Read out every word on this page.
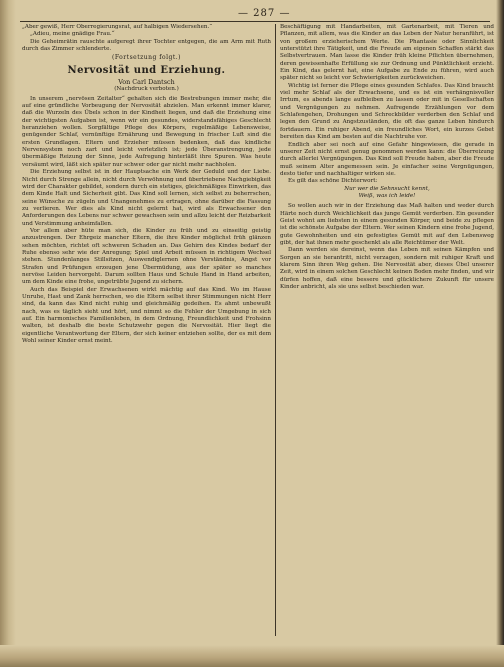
— 287 —

„Aber gewiß, Herr Oberregierungsrat, auf halbigen Wiedersehen.“

„Adieu, meine gnädige Frau.“

Die Geheimrätin rauschte aufgeregt ihrer Tochter entgegen, die am Arm mit Ruth durch das Zimmer schlenderte.

(Fortsetzung folgt.)
Nervosität und Erziehung.
Von Carl Dantsch
(Nachdruck verboten.)

In unserem „nervösen Zeitalter“ gehalten sich die Bestrebungen immer mehr, die auf eine gründliche Vorbeugung der Nervosität abzielen. Man erkennt immer klarer, daß die Wurzeln des Übels schon in der Kindheit liegen, und daß die Erziehung eine der wichtigsten Aufgaben ist, wenn wir ein gesundes, widerstandsfähiges Geschlecht heranziehen wollen. Sorgfältige Pflege des Körpers, regelmäßige Lebensweise, genügender Schlaf, vernünftige Ernährung und Bewegung in frischer Luft sind die ersten Grundlagen. Eltern und Erzieher müssen bedenken, daß das kindliche Nervensystem noch zart und leicht verletzlich ist; jede Überanstrengung, jede übermäßige Reizung der Sinne, jede Aufregung hinterläßt ihre Spuren. Was heute versäumt wird, läßt sich später nur schwer oder gar nicht mehr nachholen.

Die Erziehung selbst ist in der Hauptsache ein Werk der Geduld und der Liebe. Nicht durch Strenge allein, nicht durch Verwöhnung und übertriebene Nachgiebigkeit wird der Charakter gebildet, sondern durch ein stetiges, gleichmäßiges Einwirken, das dem Kinde Halt und Sicherheit gibt. Das Kind soll lernen, sich selbst zu beherrschen, seine Wünsche zu zügeln und Unangenehmes zu ertragen, ohne darüber die Fassung zu verlieren. Wer dies als Kind nicht gelernt hat, wird als Erwachsener den Anforderungen des Lebens nur schwer gewachsen sein und allzu leicht der Reizbarkeit und Verstimmung anheimfallen.

Vor allem aber hüte man sich, die Kinder zu früh und zu einseitig geistig anzustrengen. Der Ehrgeiz mancher Eltern, die ihre Kinder möglichst früh glänzen sehen möchten, richtet oft schweren Schaden an. Das Gehirn des Kindes bedarf der Ruhe ebenso sehr wie der Anregung; Spiel und Arbeit müssen in richtigem Wechsel stehen. Stundenlanges Stillsitzen, Auswendiglernen ohne Verständnis, Angst vor Strafen und Prüfungen erzeugen jene Übermüdung, aus der später so manches nervöse Leiden hervorgeht. Darum sollten Haus und Schule Hand in Hand arbeiten, um dem Kinde eine frohe, ungetrübte Jugend zu sichern.

Auch das Beispiel der Erwachsenen wirkt mächtig auf das Kind. Wo im Hause Unruhe, Hast und Zank herrschen, wo die Eltern selbst ihrer Stimmungen nicht Herr sind, da kann das Kind nicht ruhig und gleichmäßig gedeihen. Es ahmt unbewußt nach, was es täglich sieht und hört, und nimmt so die Fehler der Umgebung in sich auf. Ein harmonisches Familienleben, in dem Ordnung, Freundlichkeit und Frohsinn walten, ist deshalb die beste Schutzwehr gegen die Nervosität. Hier liegt die eigentliche Verantwortung der Eltern, der sich keiner entziehen sollte, der es mit dem Wohl seiner Kinder ernst meint.

Beschäftigung mit Handarbeiten, mit Gartenarbeit, mit Tieren und Pflanzen, mit allem, was die Kinder an das Leben der Natur heranführt, ist von großem erzieherischem Werte. Die Phantasie oder Sinnlichkeit unterstützt ihre Tätigkeit, und die Freude am eigenen Schaffen stärkt das Selbstvertrauen. Man lasse die Kinder früh kleine Pflichten übernehmen, deren gewissenhafte Erfüllung sie zur Ordnung und Pünktlichkeit erzieht. Ein Kind, das gelernt hat, eine Aufgabe zu Ende zu führen, wird auch später nicht so leicht vor Schwierigkeiten zurückweichen.

Wichtig ist ferner die Pflege eines gesunden Schlafes. Das Kind braucht viel mehr Schlaf als der Erwachsene, und es ist ein verhängnisvoller Irrtum, es abends lange aufbleiben zu lassen oder mit in Gesellschaften und Vergnügungen zu nehmen. Aufregende Erzählungen vor dem Schlafengehen, Drohungen und Schreckbilder verderben den Schlaf und legen den Grund zu Angstzuständen, die oft das ganze Leben hindurch fortdauern. Ein ruhiger Abend, ein freundliches Wort, ein kurzes Gebet bereiten das Kind am besten auf die Nachtruhe vor.

Endlich aber sei noch auf eine Gefahr hingewiesen, die gerade in unserer Zeit nicht ernst genug genommen werden kann: die Überreizung durch allerlei Vergnügungen. Das Kind soll Freude haben, aber die Freude muß seinem Alter angemessen sein. Je einfacher seine Vergnügungen, desto tiefer und nachhaltiger wirken sie.

Es gilt das schöne Dichterwort:

Nur wer die Sehnsucht kennt,

Weiß, was ich leide!

So wollen auch wir in der Erziehung das Maß halten und weder durch Härte noch durch Weichlichkeit das junge Gemüt verderben. Ein gesunder Geist wohnt am liebsten in einem gesunden Körper, und beide zu pflegen ist die schönste Aufgabe der Eltern. Wer seinen Kindern eine frohe Jugend, gute Gewohnheiten und ein gefestigtes Gemüt mit auf den Lebensweg gibt, der hat ihnen mehr geschenkt als alle Reichtümer der Welt.

Dann werden sie dereinst, wenn das Leben mit seinen Kämpfen und Sorgen an sie herantritt, nicht verzagen, sondern mit ruhiger Kraft und klarem Sinn ihren Weg gehen. Die Nervosität aber, dieses Übel unserer Zeit, wird in einem solchen Geschlecht keinen Boden mehr finden, und wir dürfen hoffen, daß eine bessere und glücklichere Zukunft für unsere Kinder anbricht, als sie uns selbst beschieden war.
